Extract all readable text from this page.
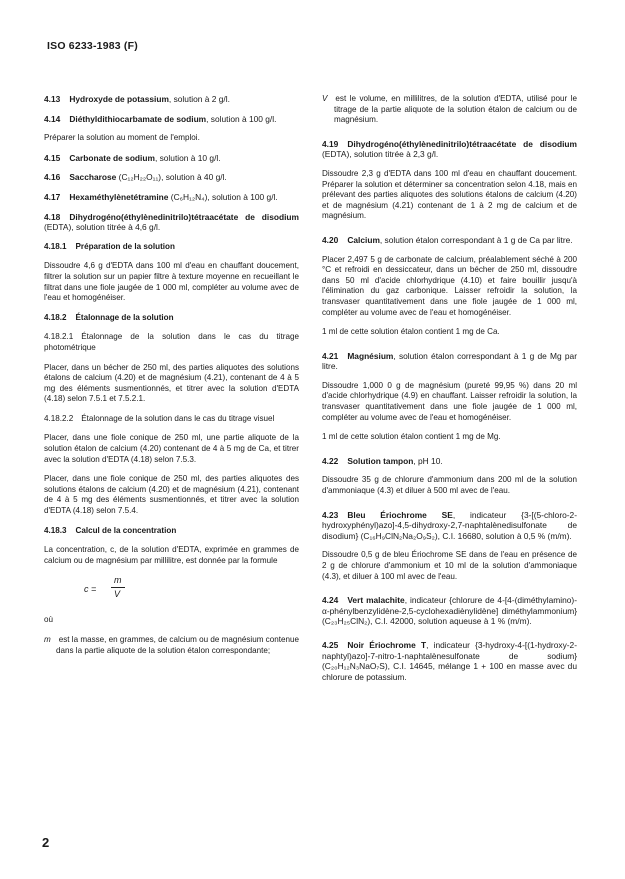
ISO 6233-1983 (F)

4.13 Hydroxyde de potassium, solution à 2 g/l.

4.14 Diéthyldithiocarbamate de sodium, solution à 100 g/l.

Préparer la solution au moment de l'emploi.

4.15 Carbonate de sodium, solution à 10 g/l.

4.16 Saccharose (C₁₂H₂₂O₁₁), solution à 40 g/l.

4.17 Hexaméthylènetétramine (C₆H₁₂N₄), solution à 100 g/l.

4.18 Dihydrogéno(éthylènedinitrilo)tétraacétate de disodium (EDTA), solution titrée à 4,6 g/l.

4.18.1 Préparation de la solution

Dissoudre 4,6 g d'EDTA dans 100 ml d'eau en chauffant doucement, filtrer la solution sur un papier filtre à texture moyenne en recueillant le filtrat dans une fiole jaugée de 1 000 ml, compléter au volume avec de l'eau et homogénéiser.

4.18.2 Étalonnage de la solution

4.18.2.1 Étalonnage de la solution dans le cas du titrage photométrique

Placer, dans un bécher de 250 ml, des parties aliquotes des solutions étalons de calcium (4.20) et de magnésium (4.21), contenant de 4 à 5 mg des éléments susmentionnés, et titrer avec la solution d'EDTA (4.18) selon 7.5.1 et 7.5.2.1.

4.18.2.2 Étalonnage de la solution dans le cas du titrage visuel

Placer, dans une fiole conique de 250 ml, une partie aliquote de la solution étalon de calcium (4.20) contenant de 4 à 5 mg de Ca, et titrer avec la solution d'EDTA (4.18) selon 7.5.3.

Placer, dans une fiole conique de 250 ml, des parties aliquotes des solutions étalons de calcium (4.20) et de magnésium (4.21), contenant de 4 à 5 mg des éléments susmentionnés, et titrer avec la solution d'EDTA (4.18) selon 7.5.4.

4.18.3 Calcul de la concentration

La concentration, c, de la solution d'EDTA, exprimée en grammes de calcium ou de magnésium par millilitre, est donnée par la formule

c =
m
V

où

m est la masse, en grammes, de calcium ou de magnésium contenue dans la partie aliquote de la solution étalon correspondante;

V est le volume, en millilitres, de la solution d'EDTA, utilisé pour le titrage de la partie aliquote de la solution étalon de calcium ou de magnésium.

4.19 Dihydrogéno(éthylènedinitrilo)tétraacétate de disodium (EDTA), solution titrée à 2,3 g/l.

Dissoudre 2,3 g d'EDTA dans 100 ml d'eau en chauffant doucement. Préparer la solution et déterminer sa concentration selon 4.18, mais en prélevant des parties aliquotes des solutions étalons de calcium (4.20) et de magnésium (4.21) contenant de 1 à 2 mg de calcium et de magnésium.

4.20 Calcium, solution étalon correspondant à 1 g de Ca par litre.

Placer 2,497 5 g de carbonate de calcium, préalablement séché à 200 °C et refroidi en dessiccateur, dans un bécher de 250 ml, dissoudre dans 50 ml d'acide chlorhydrique (4.10) et faire bouillir jusqu'à l'élimination du gaz carbonique. Laisser refroidir la solution, la transvaser quantitativement dans une fiole jaugée de 1 000 ml, compléter au volume avec de l'eau et homogénéiser.

1 ml de cette solution étalon contient 1 mg de Ca.

4.21 Magnésium, solution étalon correspondant à 1 g de Mg par litre.

Dissoudre 1,000 0 g de magnésium (pureté 99,95 %) dans 20 ml d'acide chlorhydrique (4.9) en chauffant. Laisser refroidir la solution, la transvaser quantitativement dans une fiole jaugée de 1 000 ml, compléter au volume avec de l'eau et homogénéiser.

1 ml de cette solution étalon contient 1 mg de Mg.

4.22 Solution tampon, pH 10.

Dissoudre 35 g de chlorure d'ammonium dans 200 ml de la solution d'ammoniaque (4.3) et diluer à 500 ml avec de l'eau.

4.23 Bleu Ériochrome SE, indicateur {3-[(5-chloro-2-hydroxyphényl)azo]-4,5-dihydroxy-2,7-naphtalènedisulfonate de disodium} (C₁₆H₉ClN₂Na₂O₉S₂), C.I. 16680, solution à 0,5 % (m/m).

Dissoudre 0,5 g de bleu Ériochrome SE dans de l'eau en présence de 2 g de chlorure d'ammonium et 10 ml de la solution d'ammoniaque (4.3), et diluer à 100 ml avec de l'eau.

4.24 Vert malachite, indicateur {chlorure de 4-[4-(diméthylamino)-α-phénylbenzylidène-2,5-cyclohexadiènylidène] diméthylammonium} (C₂₃H₂₅ClN₂), C.I. 42000, solution aqueuse à 1 % (m/m).

4.25 Noir Ériochrome T, indicateur {3-hydroxy-4-[(1-hydroxy-2-naphtyl)azo]-7-nitro-1-naphtalènesulfonate de sodium} (C₂₀H₁₂N₃NaO₇S), C.I. 14645, mélange 1 + 100 en masse avec du chlorure de potassium.

2
